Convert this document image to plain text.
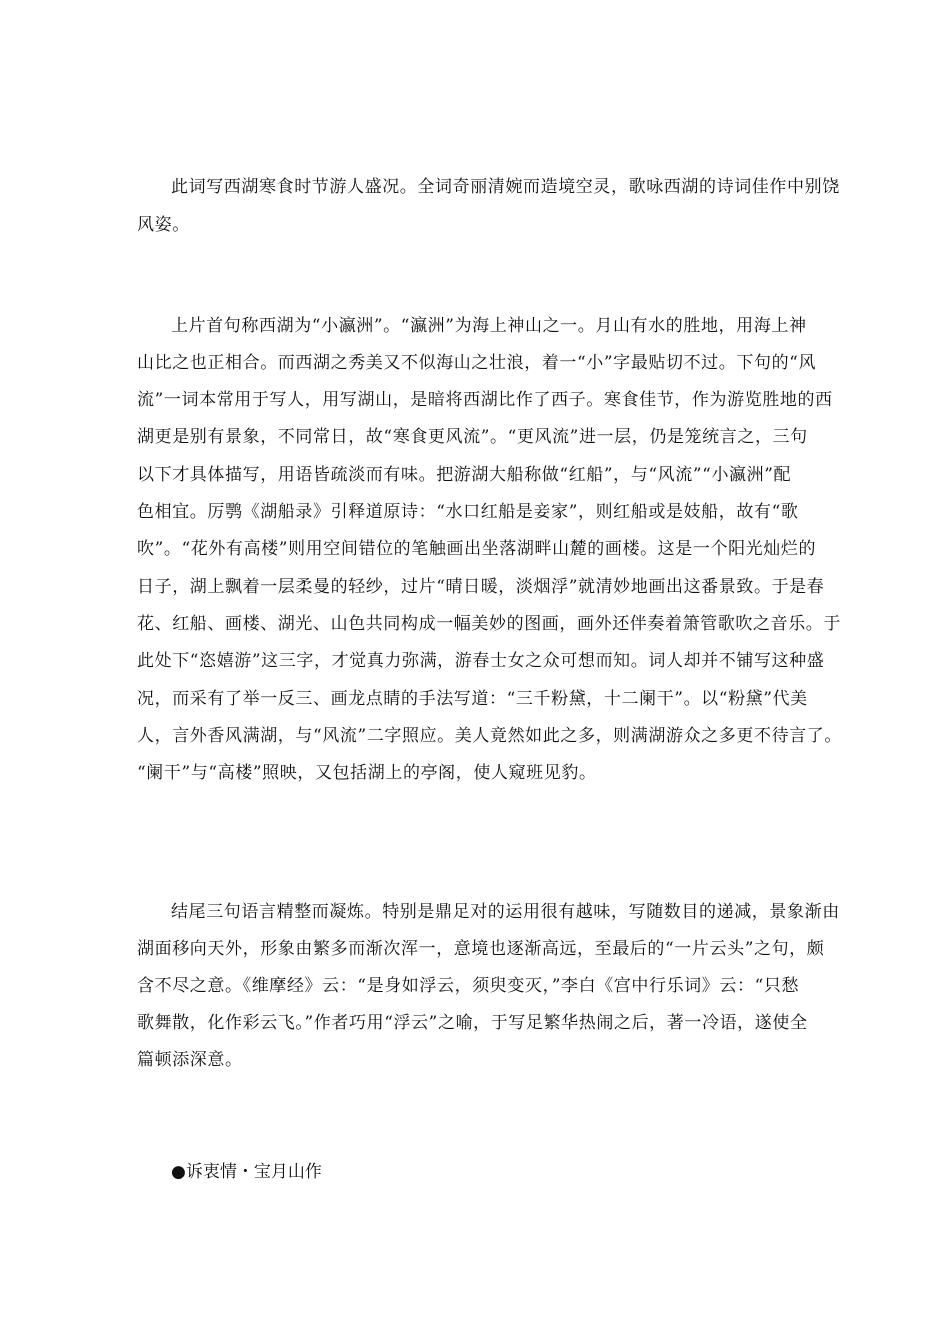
此词写西湖寒食时节游人盛况。全词奇丽清婉而造境空灵，歌咏西湖的诗词佳作中别饶
风姿。
上片首句称西湖为“小瀛洲”。“瀛洲”为海上神山之一。月山有水的胜地，用海上神
山比之也正相合。而西湖之秀美又不似海山之壮浪，着一“小”字最贴切不过。下句的“风
流”一词本常用于写人，用写湖山，是暗将西湖比作了西子。寒食佳节，作为游览胜地的西
湖更是别有景象，不同常日，故“寒食更风流”。“更风流”进一层，仍是笼统言之，三句
以下才具体描写，用语皆疏淡而有味。把游湖大船称做“红船”，与“风流”“小瀛洲”配
色相宜。厉鹗《湖船录》引释道原诗：“水口红船是妾家”，则红船或是妓船，故有“歌
吹”。“花外有高楼”则用空间错位的笔触画出坐落湖畔山麓的画楼。这是一个阳光灿烂的
日子，湖上飘着一层柔曼的轻纱，过片“晴日暖，淡烟浮”就清妙地画出这番景致。于是春
花、红船、画楼、湖光、山色共同构成一幅美妙的图画，画外还伴奏着箫管歌吹之音乐。于
此处下“恣嬉游”这三字，才觉真力弥满，游春士女之众可想而知。词人却并不铺写这种盛
况，而采有了举一反三、画龙点睛的手法写道：“三千粉黛，十二阑干”。以“粉黛”代美
人，言外香风满湖，与“风流”二字照应。美人竟然如此之多，则满湖游众之多更不待言了。
“阑干”与“高楼”照映，又包括湖上的亭阁，使人窥班见豹。
结尾三句语言精整而凝炼。特别是鼎足对的运用很有越味，写随数目的递减，景象渐由
湖面移向天外，形象由繁多而渐次浑一，意境也逐渐高远，至最后的“一片云头”之句，颇
含不尽之意。《维摩经》云：“是身如浮云，须臾变灭，”李白《宫中行乐词》云：“只愁
歌舞散，化作彩云飞。”作者巧用“浮云”之喻，于写足繁华热闹之后，著一冷语，遂使全
篇顿添深意。
●诉衷情・宝月山作
